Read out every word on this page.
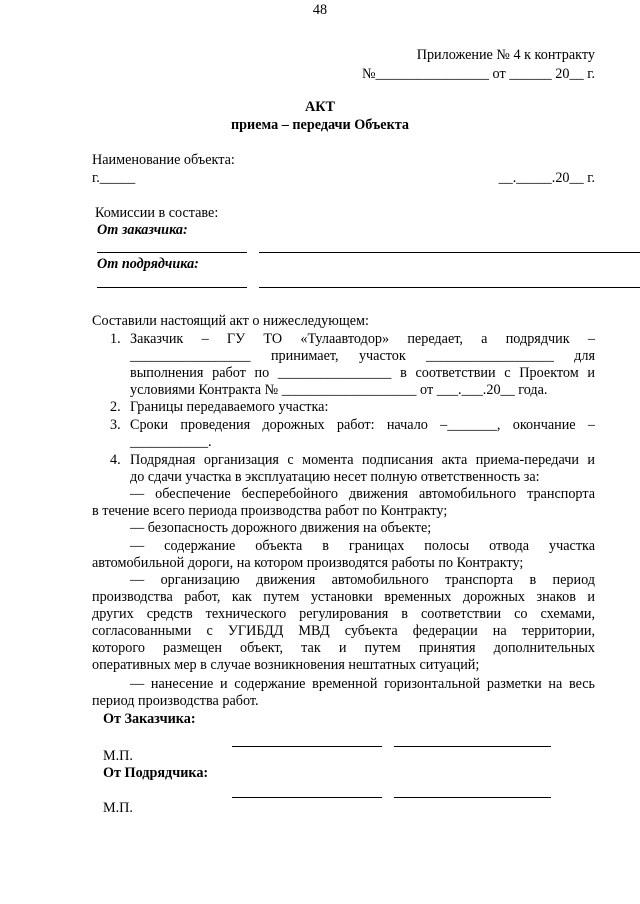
48
Приложение № 4 к контракту
№________________ от ______ 20__ г.
АКТ
приема – передачи Объекта
Наименование объекта:
г._____	__._____.20__ г.
Комиссии в составе:
От заказчика:
От подрядчика:
Составили настоящий акт о нижеследующем:
1. Заказчик – ГУ ТО «Тулаавтодор» передает, а подрядчик –
_________________ принимает, участок __________________ для
выполнения работ по ________________ в соответствии с Проектом и
условиями Контракта № ___________________ от ___.___.20__ года.
2. Границы передаваемого участка:
3. Сроки проведения дорожных работ: начало –_______, окончание –
___________.
4. Подрядная организация с момента подписания акта приема-передачи и
до сдачи участка в эксплуатацию несет полную ответственность за:
— обеспечение бесперебойного движения автомобильного транспорта
в течение всего периода производства работ по Контракту;
— безопасность дорожного движения на объекте;
— содержание объекта в границах полосы отвода участка
автомобильной дороги, на котором производятся работы по Контракту;
— организацию движения автомобильного транспорта в период
производства работ, как путем установки временных дорожных знаков и
других средств технического регулирования в соответствии со схемами,
согласованными с УГИБДД МВД субъекта федерации на территории,
которого размещен объект, так и путем принятия дополнительных
оперативных мер в случае возникновения нештатных ситуаций;
— нанесение и содержание временной горизонтальной разметки на весь
период производства работ.
От Заказчика:
М.П.
От Подрядчика:
М.П.
